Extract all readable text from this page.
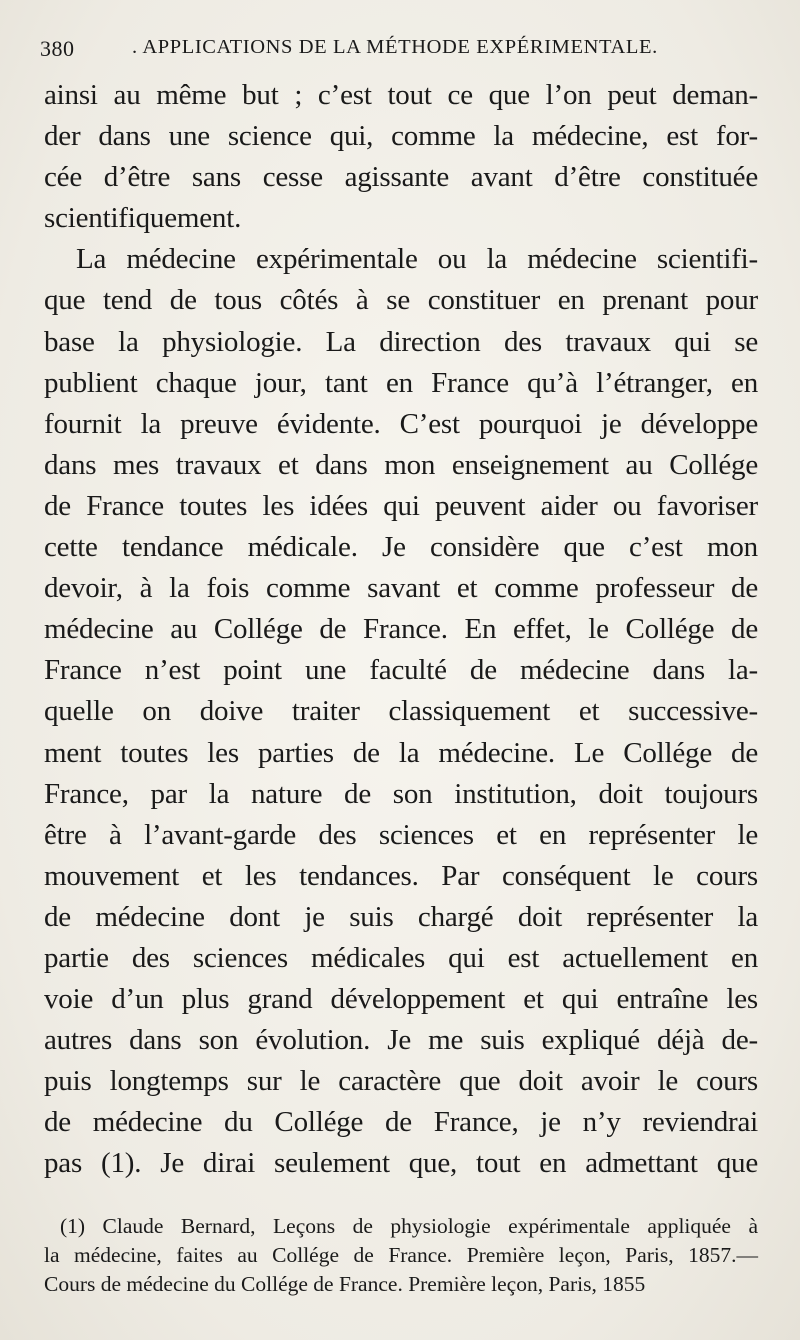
380	. APPLICATIONS DE LA MÉTHODE EXPÉRIMENTALE.
ainsi au même but ; c’est tout ce que l’on peut deman-
der dans une science qui, comme la médecine, est for-
cée d’être sans cesse agissante avant d’être constituée
scientifiquement.
La médecine expérimentale ou la médecine scientifi-
que tend de tous côtés à se constituer en prenant pour
base la physiologie. La direction des travaux qui se
publient chaque jour, tant en France qu’à l’étranger, en
fournit la preuve évidente. C’est pourquoi je développe
dans mes travaux et dans mon enseignement au Collége
de France toutes les idées qui peuvent aider ou favoriser
cette tendance médicale. Je considère que c’est mon
devoir, à la fois comme savant et comme professeur de
médecine au Collége de France. En effet, le Collége de
France n’est point une faculté de médecine dans la-
quelle on doive traiter classiquement et successive-
ment toutes les parties de la médecine. Le Collége de
France, par la nature de son institution, doit toujours
être à l’avant-garde des sciences et en représenter le
mouvement et les tendances. Par conséquent le cours
de médecine dont je suis chargé doit représenter la
partie des sciences médicales qui est actuellement en
voie d’un plus grand développement et qui entraîne les
autres dans son évolution. Je me suis expliqué déjà de-
puis longtemps sur le caractère que doit avoir le cours
de médecine du Collége de France, je n’y reviendrai
pas (1). Je dirai seulement que, tout en admettant que
(1) Claude Bernard, Leçons de physiologie expérimentale appliquée à
la médecine, faites au Collége de France. Première leçon, Paris, 1857.—
Cours de médecine du Collége de France. Première leçon, Paris, 1855
